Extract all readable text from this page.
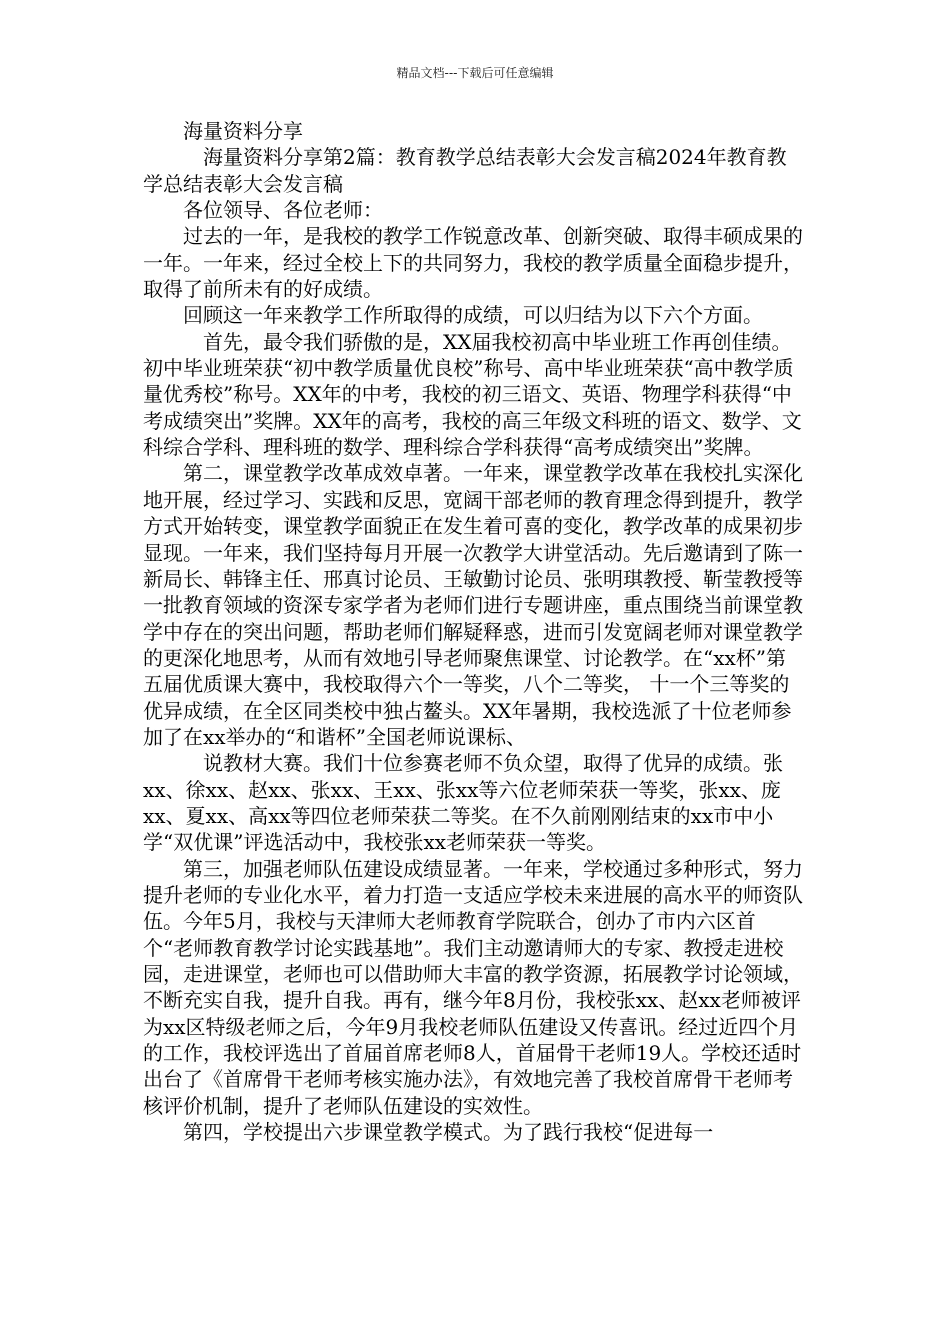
精品文档---下载后可任意编辑

海量资料分享

海量资料分享第2篇：教育教学总结表彰大会发言稿2024年教育教学总结表彰大会发言稿

各位领导、各位老师：

过去的一年，是我校的教学工作锐意改革、创新突破、取得丰硕成果的一年。一年来，经过全校上下的共同努力，我校的教学质量全面稳步提升，取得了前所未有的好成绩。

回顾这一年来教学工作所取得的成绩，可以归结为以下六个方面。

首先，最令我们骄傲的是，XX届我校初高中毕业班工作再创佳绩。初中毕业班荣获“初中教学质量优良校”称号、高中毕业班荣获“高中教学质量优秀校”称号。XX年的中考，我校的初三语文、英语、物理学科获得“中考成绩突出”奖牌。XX年的高考，我校的高三年级文科班的语文、数学、文科综合学科、理科班的数学、理科综合学科获得“高考成绩突出”奖牌。

第二，课堂教学改革成效卓著。一年来，课堂教学改革在我校扎实深化地开展，经过学习、实践和反思，宽阔干部老师的教育理念得到提升，教学方式开始转变，课堂教学面貌正在发生着可喜的变化，教学改革的成果初步显现。一年来，我们坚持每月开展一次教学大讲堂活动。先后邀请到了陈一新局长、韩锋主任、邢真讨论员、王敏勤讨论员、张明琪教授、靳莹教授等一批教育领域的资深专家学者为老师们进行专题讲座，重点围绕当前课堂教学中存在的突出问题，帮助老师们解疑释惑，进而引发宽阔老师对课堂教学的更深化地思考，从而有效地引导老师聚焦课堂、讨论教学。在“xx杯”第五届优质课大赛中，我校取得六个一等奖，八个二等奖， 十一个三等奖的优异成绩，在全区同类校中独占鳌头。XX年暑期，我校选派了十位老师参加了在xx举办的“和谐杯”全国老师说课标、

说教材大赛。我们十位参赛老师不负众望，取得了优异的成绩。张xx、徐xx、赵xx、张xx、王xx、张xx等六位老师荣获一等奖，张xx、庞xx、夏xx、高xx等四位老师荣获二等奖。在不久前刚刚结束的xx市中小学“双优课”评选活动中，我校张xx老师荣获一等奖。

第三，加强老师队伍建设成绩显著。一年来，学校通过多种形式，努力提升老师的专业化水平，着力打造一支适应学校未来进展的高水平的师资队伍。今年5月，我校与天津师大老师教育学院联合，创办了市内六区首个“老师教育教学讨论实践基地”。我们主动邀请师大的专家、教授走进校园，走进课堂，老师也可以借助师大丰富的教学资源，拓展教学讨论领域，不断充实自我，提升自我。再有，继今年8月份，我校张xx、赵xx老师被评为xx区特级老师之后，今年9月我校老师队伍建设又传喜讯。经过近四个月的工作，我校评选出了首届首席老师8人，首届骨干老师19人。学校还适时出台了《首席骨干老师考核实施办法》，有效地完善了我校首席骨干老师考核评价机制，提升了老师队伍建设的实效性。

第四，学校提出六步课堂教学模式。为了践行我校“促进每一
